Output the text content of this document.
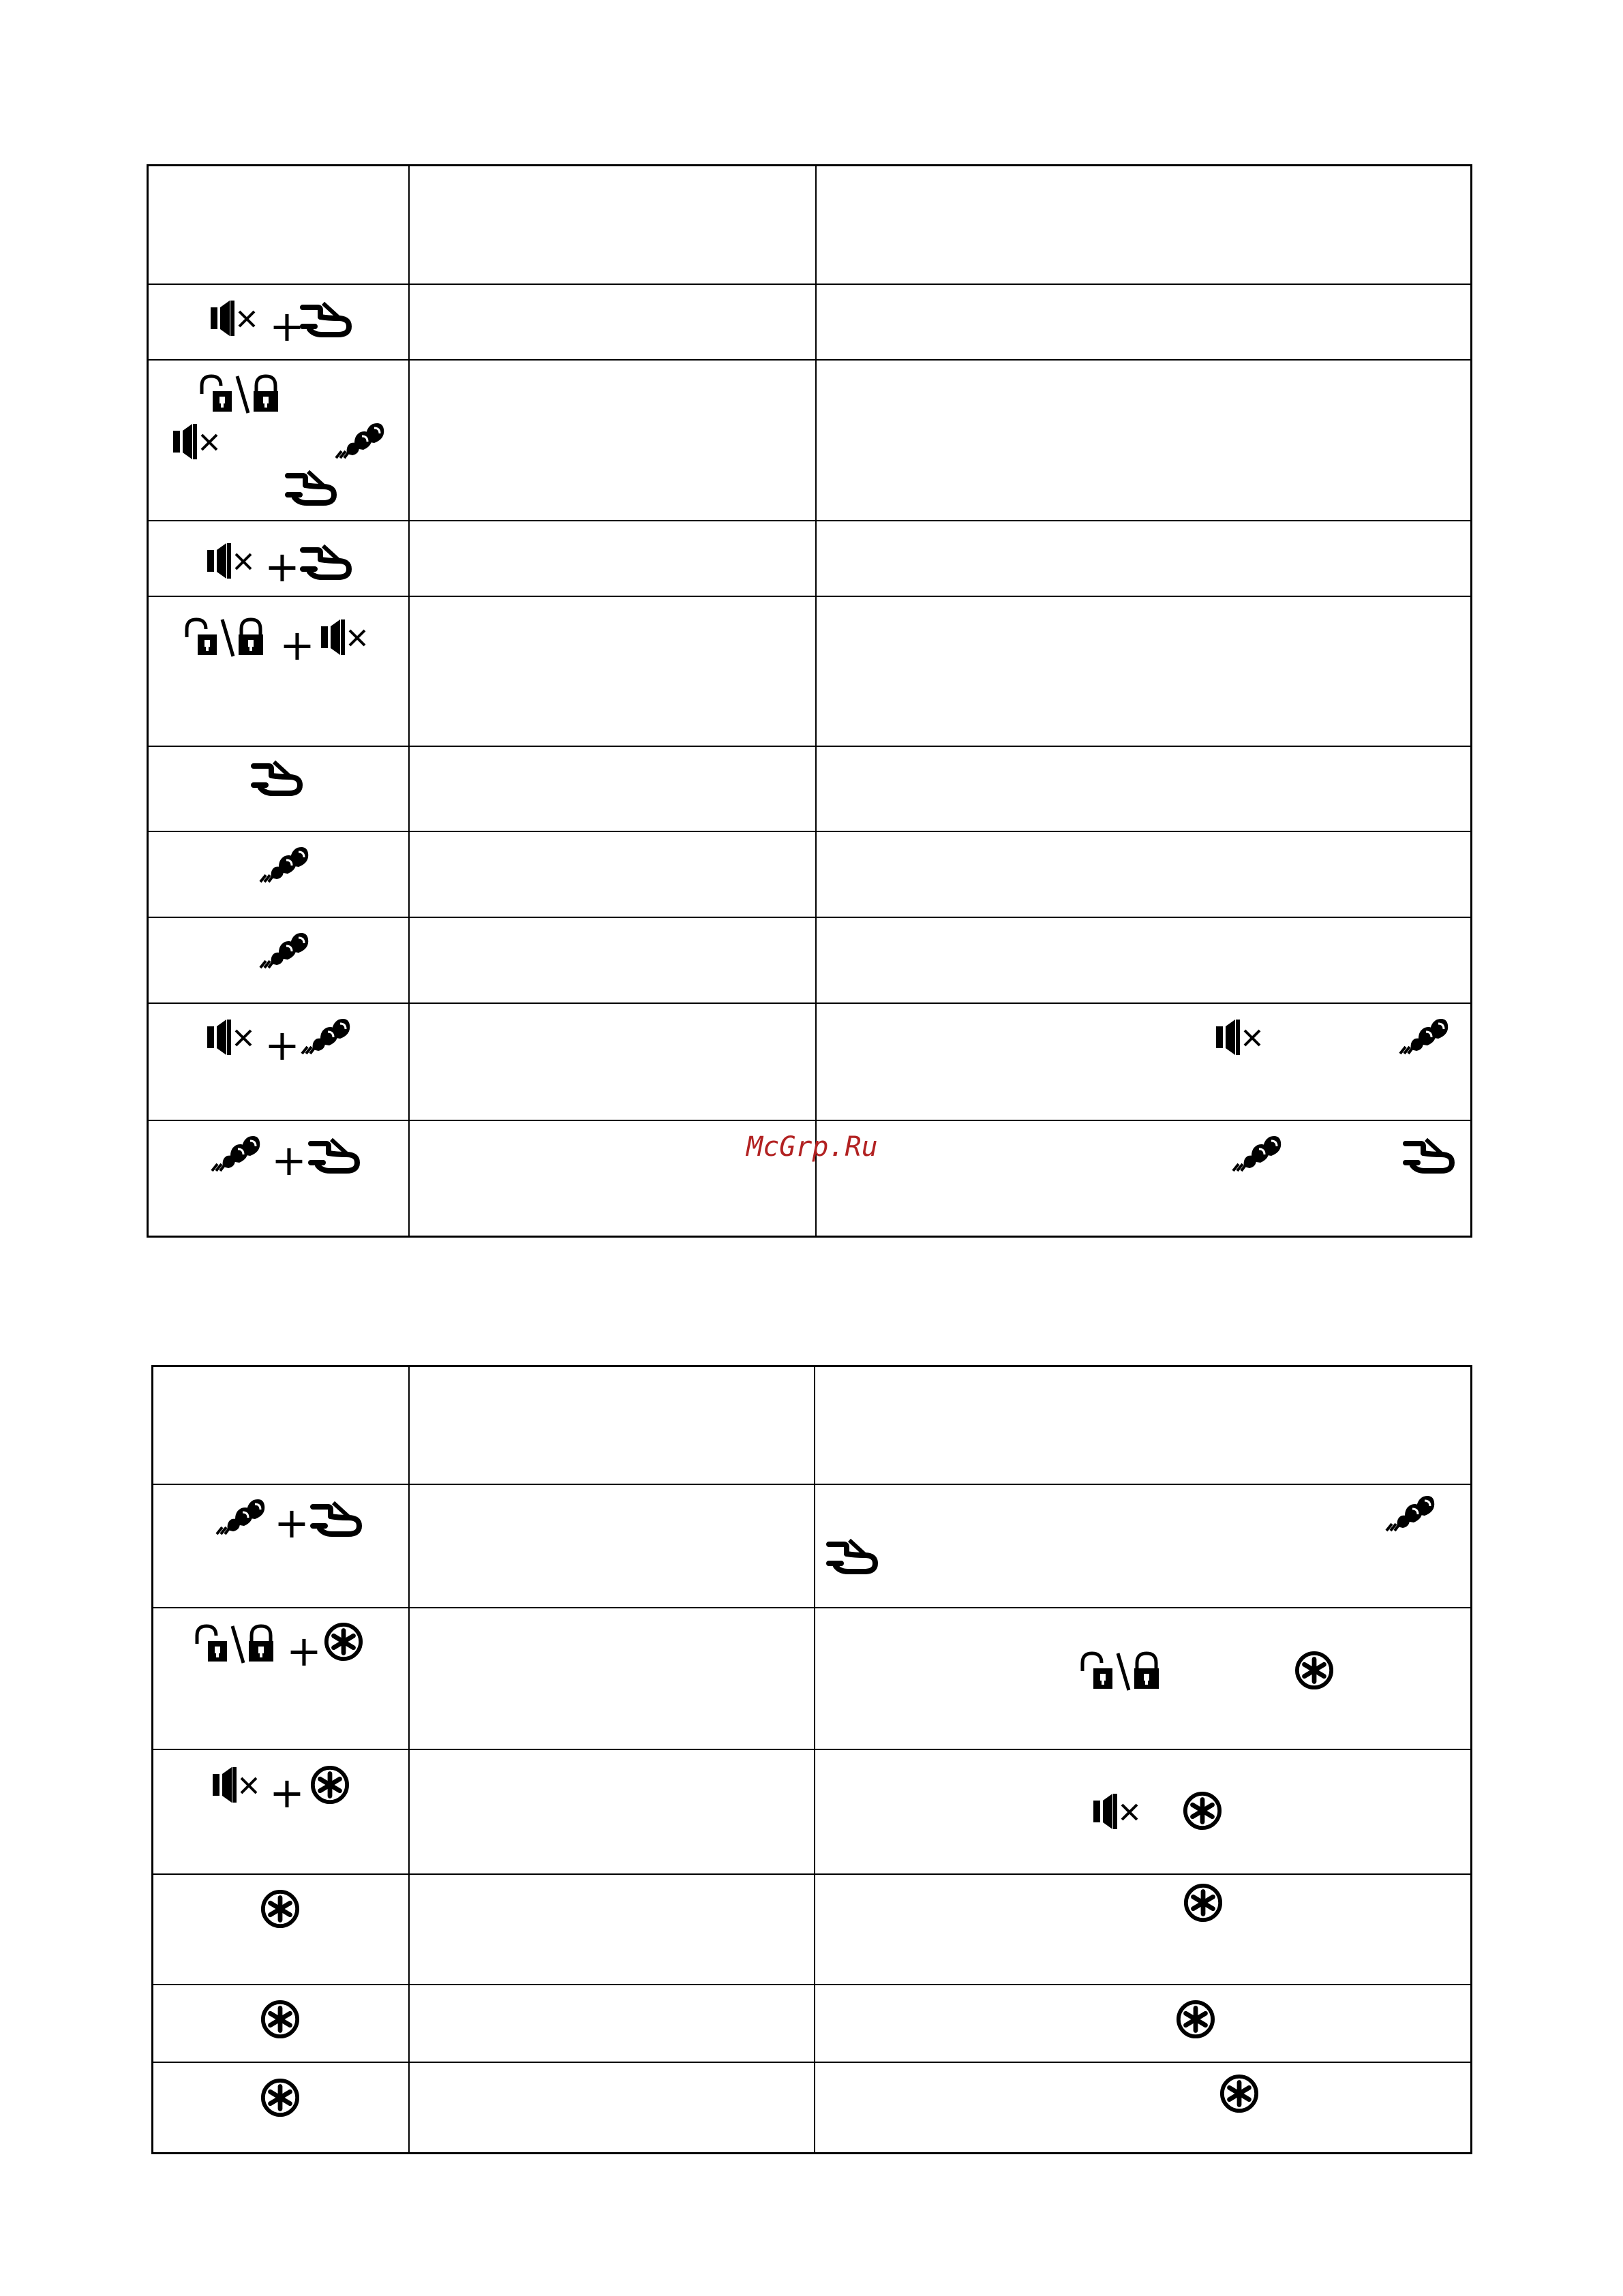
+
+
+
+
+	McGrp.Ru
+
+
+
